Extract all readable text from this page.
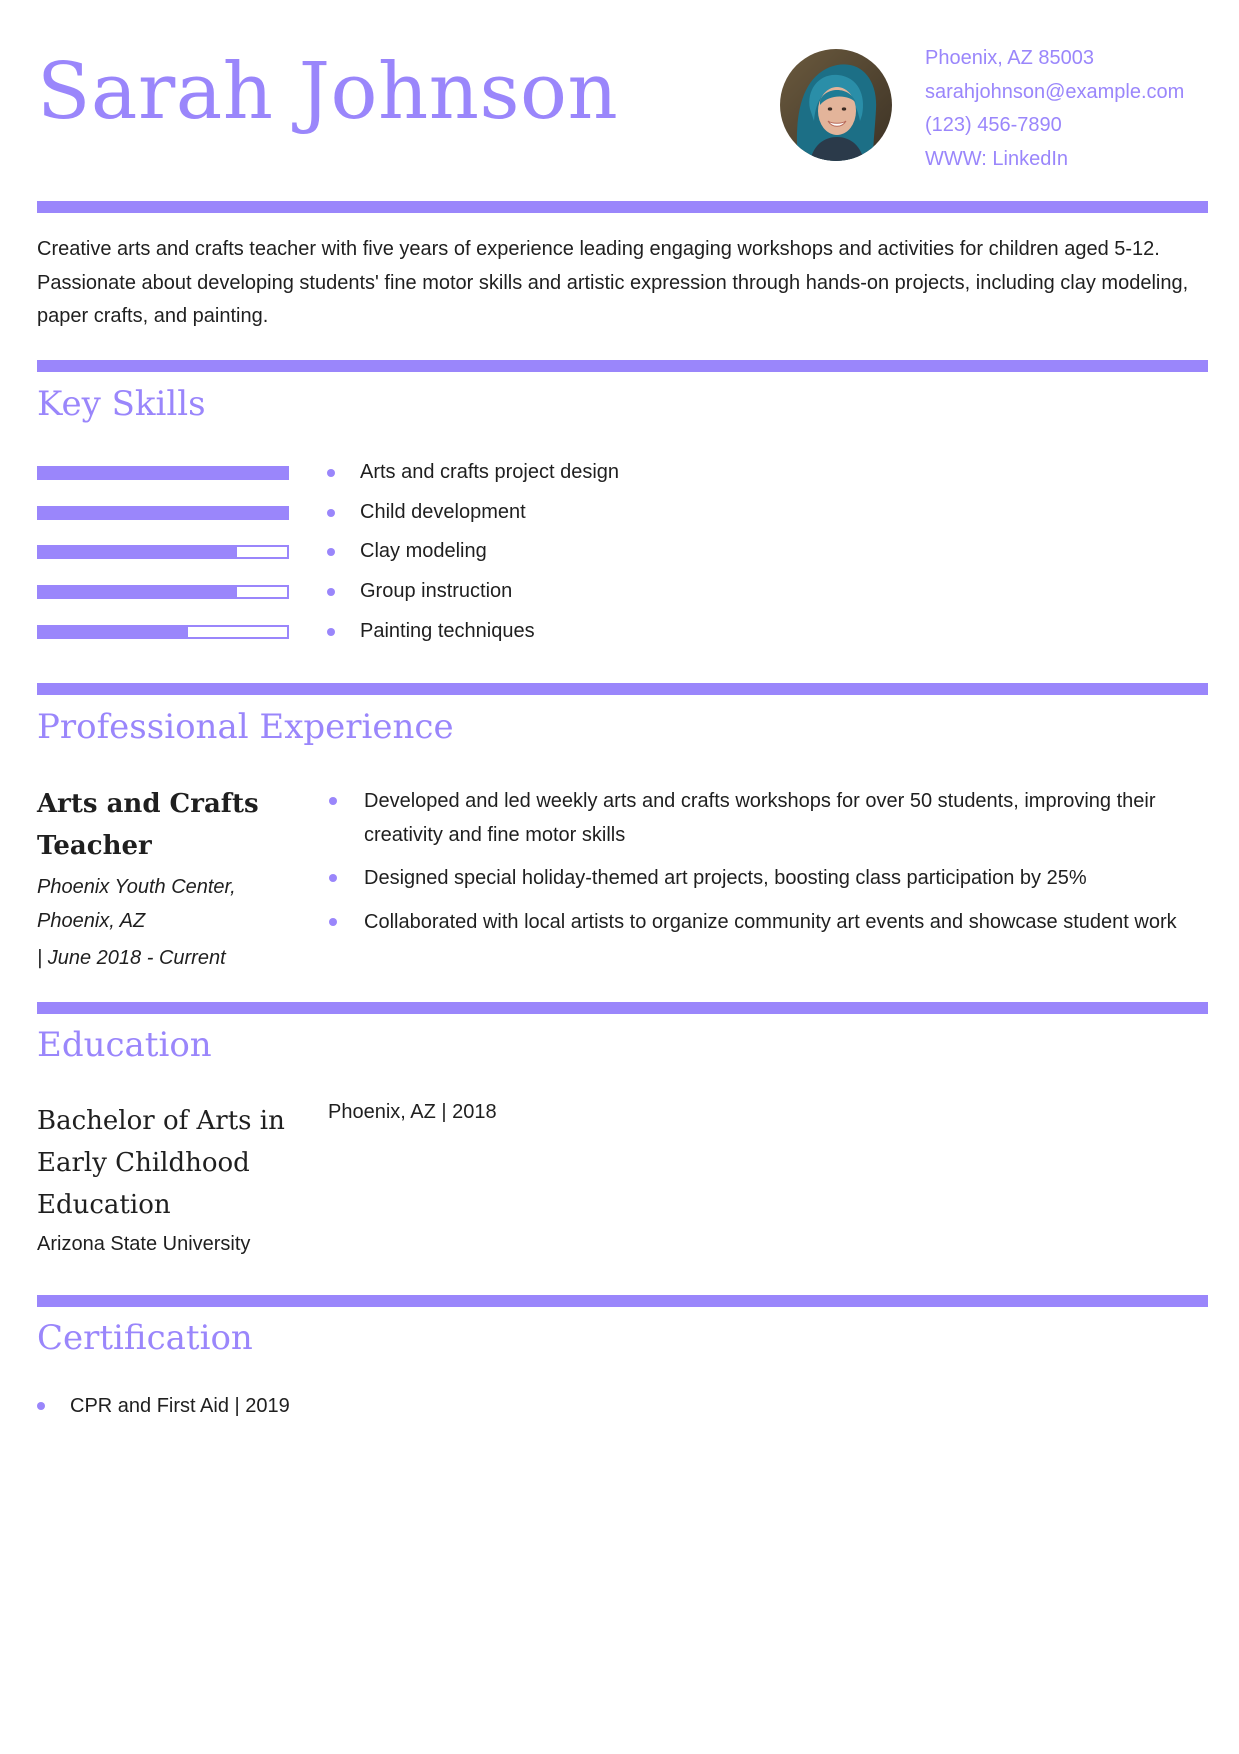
Sarah Johnson	Phoenix, AZ 85003
sarahjohnson@example.com
(123) 456-7890
WWW: LinkedIn

Creative arts and crafts teacher with five years of experience leading engaging workshops and activities for children aged 5-12. Passionate about developing students' fine motor skills and artistic expression through hands-on projects, including clay modeling, paper crafts, and painting.

Key Skills
Arts and crafts project design
Child development
Clay modeling
Group instruction
Painting techniques
Professional Experience
Arts and Crafts Teacher
Phoenix Youth Center, Phoenix, AZ
| June 2018 - Current
Developed and led weekly arts and crafts workshops for over 50 students, improving their creativity and fine motor skills
Designed special holiday-themed art projects, boosting class participation by 25%
Collaborated with local artists to organize community art events and showcase student work
Education
Bachelor of Arts in Early Childhood Education
Arizona State University
Phoenix, AZ | 2018
Certification
CPR and First Aid | 2019
